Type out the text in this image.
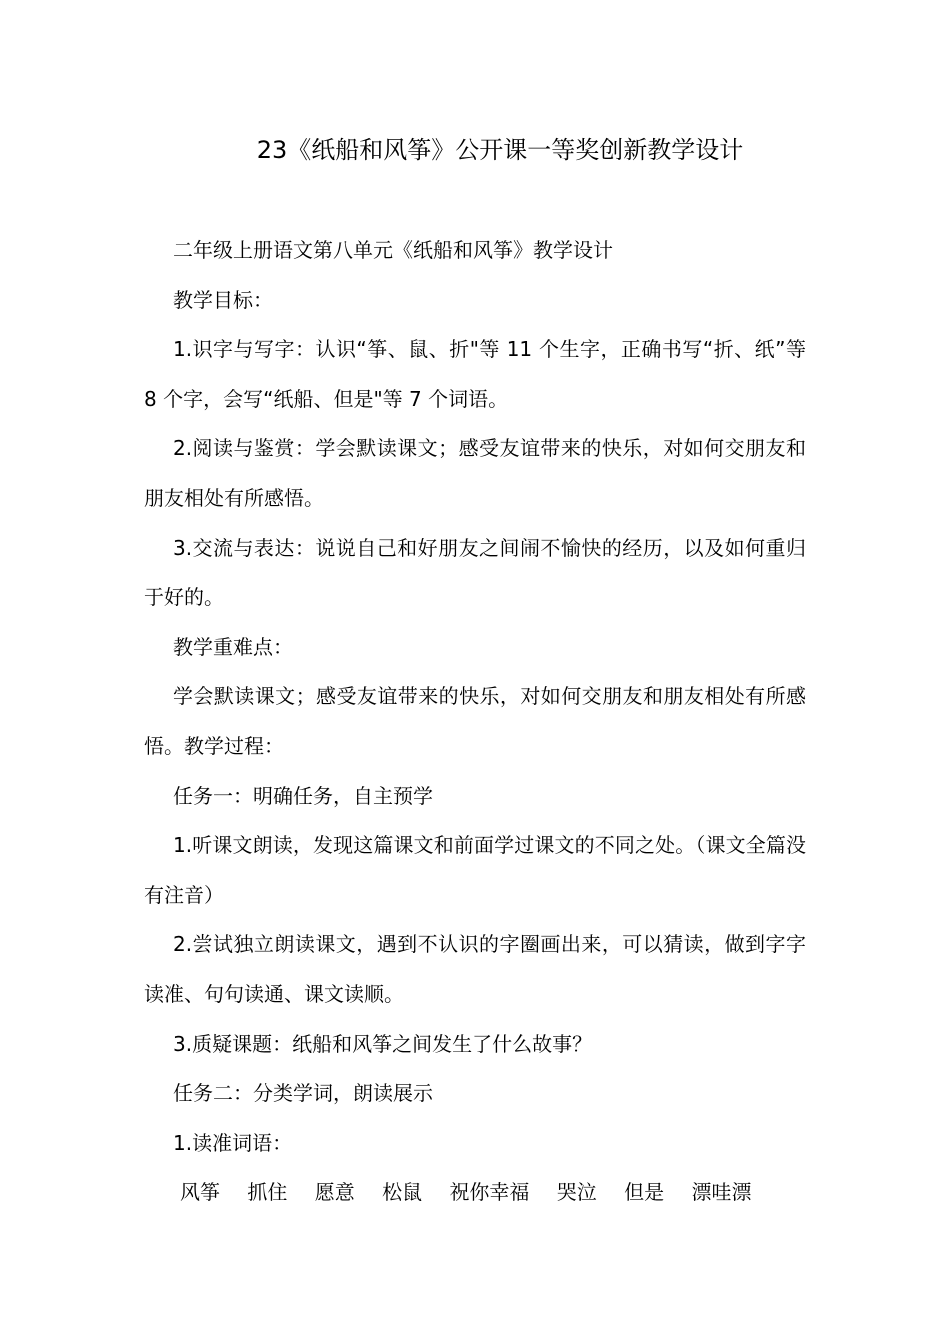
23《纸船和风筝》公开课一等奖创新教学设计

二年级上册语文第八单元《纸船和风筝》教学设计

教学目标：

1.识字与写字：认识“筝、鼠、折"等 11 个生字，正确书写“折、纸”等 8 个字，会写“纸船、但是"等 7 个词语。

2.阅读与鉴赏：学会默读课文；感受友谊带来的快乐，对如何交朋友和朋友相处有所感悟。

3.交流与表达：说说自己和好朋友之间闹不愉快的经历，以及如何重归于好的。

教学重难点：

学会默读课文；感受友谊带来的快乐，对如何交朋友和朋友相处有所感悟。教学过程：

任务一：明确任务，自主预学

1.听课文朗读，发现这篇课文和前面学过课文的不同之处。（课文全篇没有注音）

2.尝试独立朗读课文，遇到不认识的字圈画出来，可以猜读，做到字字读准、句句读通、课文读顺。

3.质疑课题：纸船和风筝之间发生了什么故事？

任务二：分类学词，朗读展示

1.读准词语：

风筝 抓住 愿意 松鼠 祝你幸福 哭泣 但是 漂哇漂
